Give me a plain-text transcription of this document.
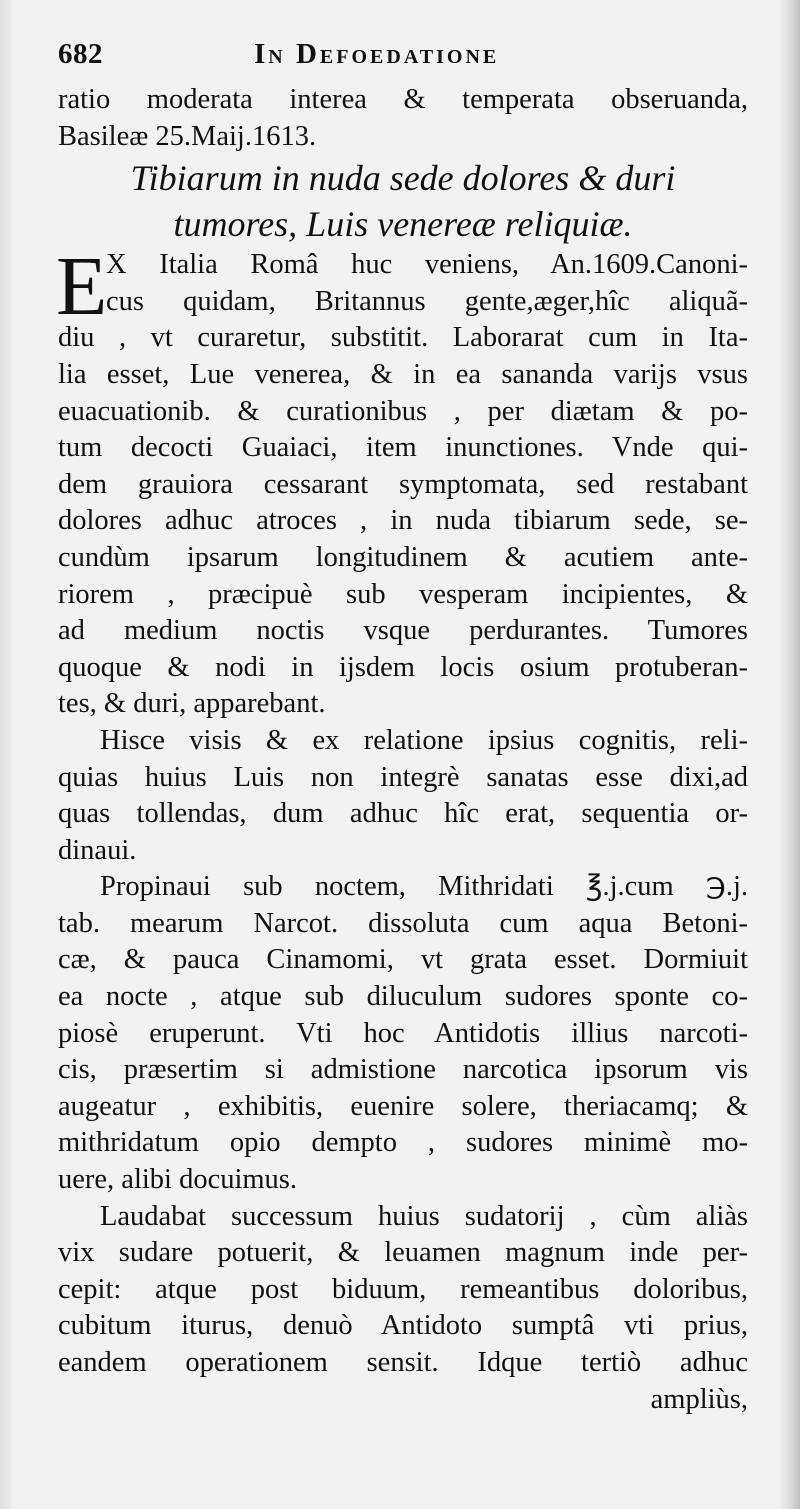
682	In Defoedatione
ratio moderata interea & temperata obseruanda,
Basileæ 25.Maij.1613.
Tibiarum in nuda sede dolores & duri
tumores, Luis venereæ reliquiæ.
E
X Italia Româ huc veniens, An.1609.Canoni-
cus quidam, Britannus gente,æger,hîc aliquã-
diu , vt curaretur, substitit. Laborarat cum in Ita-
lia esset, Lue venerea, & in ea sananda varijs vsus
euacuationib. & curationibus , per diætam & po-
tum decocti Guaiaci, item inunctiones. Vnde qui-
dem grauiora cessarant symptomata, sed restabant
dolores adhuc atroces , in nuda tibiarum sede, se-
cundùm ipsarum longitudinem & acutiem ante-
riorem , præcipuè sub vesperam incipientes, &
ad medium noctis vsque perdurantes. Tumores
quoque & nodi in ijsdem locis osium protuberan-
tes, & duri, apparebant.
Hisce visis & ex relatione ipsius cognitis, reli-
quias huius Luis non integrè sanatas esse dixi,ad
quas tollendas, dum adhuc hîc erat, sequentia or-
dinaui.
Propinaui sub noctem, Mithridati ℥.j.cum ℈.j.
tab. mearum Narcot. dissoluta cum aqua Betoni-
cæ, & pauca Cinamomi, vt grata esset. Dormiuit
ea nocte , atque sub diluculum sudores sponte co-
piosè eruperunt. Vti hoc Antidotis illius narcoti-
cis, præsertim si admistione narcotica ipsorum vis
augeatur , exhibitis, euenire solere, theriacamq; &
mithridatum opio dempto , sudores minimè mo-
uere, alibi docuimus.
Laudabat successum huius sudatorij , cùm aliàs
vix sudare potuerit, & leuamen magnum inde per-
cepit: atque post biduum, remeantibus doloribus,
cubitum iturus, denuò Antidoto sumptâ vti prius,
eandem operationem sensit. Idque tertiò adhuc
ampliùs,
